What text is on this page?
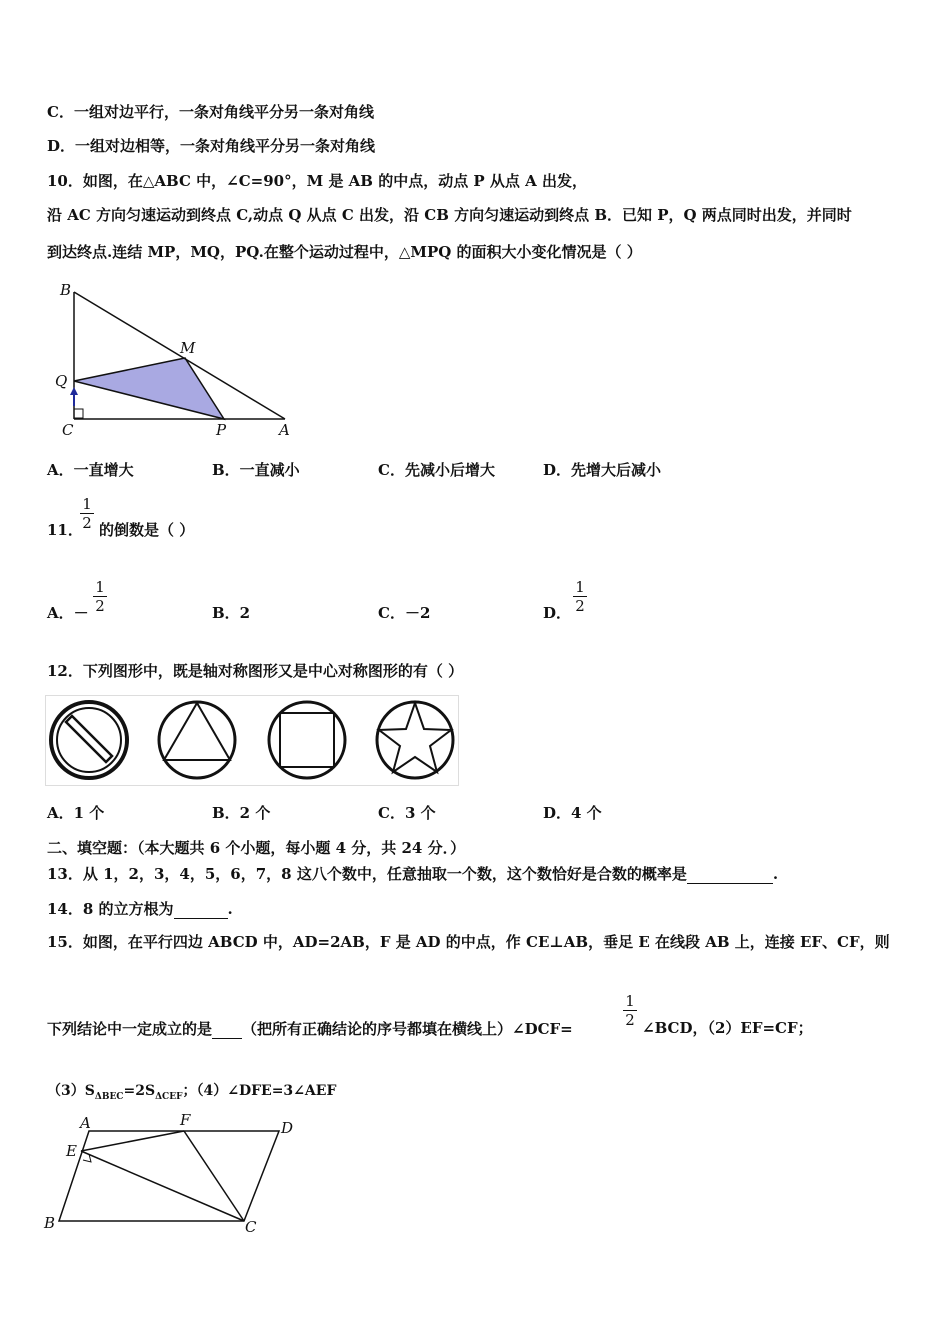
C．一组对边平行，一条对角线平分另一条对角线
D．一组对边相等，一条对角线平分另一条对角线
10．如图，在△ABC 中，∠C=90°，M 是 AB 的中点，动点 P 从点 A 出发，
沿 AC 方向匀速运动到终点 C,动点 Q 从点 C 出发，沿 CB 方向匀速运动到终点 B．已知 P，Q 两点同时出发，并同时
到达终点.连结 MP，MQ，PQ.在整个运动过程中，△MPQ 的面积大小变化情况是（ ）
B
M
Q
C	P	A
A．一直增大	B．一直减小	C．先减小后增大	D．先增大后减小
11．
$\frac{1}{2}$ 的倒数是（ ）
A．－ $\frac{1}{2}$	B．2	C．－2	D． $\frac{1}{2}$
12．下列图形中，既是轴对称图形又是中心对称图形的有（ ）
A．1 个	B．2 个	C．3 个	D．4 个
二、填空题：（本大题共 6 个小题，每小题 4 分，共 24 分．）
13．从 1，2，3，4，5，6，7，8 这八个数中，任意抽取一个数，这个数恰好是合数的概率是	.
14．8 的立方根为	.
15．如图，在平行四边 ABCD 中，AD=2AB，F 是 AD 的中点，作 CE⊥AB，垂足 E 在线段 AB 上，连接 EF、CF，则
下列结论中一定成立的是 （把所有正确结论的序号都填在横线上）∠DCF=	$\frac{1}{2}$ ∠BCD，（2）EF=CF；
$(3)S_{\Delta BEC}=2S_{\Delta CEF}$；（4）∠DFE=3∠AEF
A	F	D
E
B	C
